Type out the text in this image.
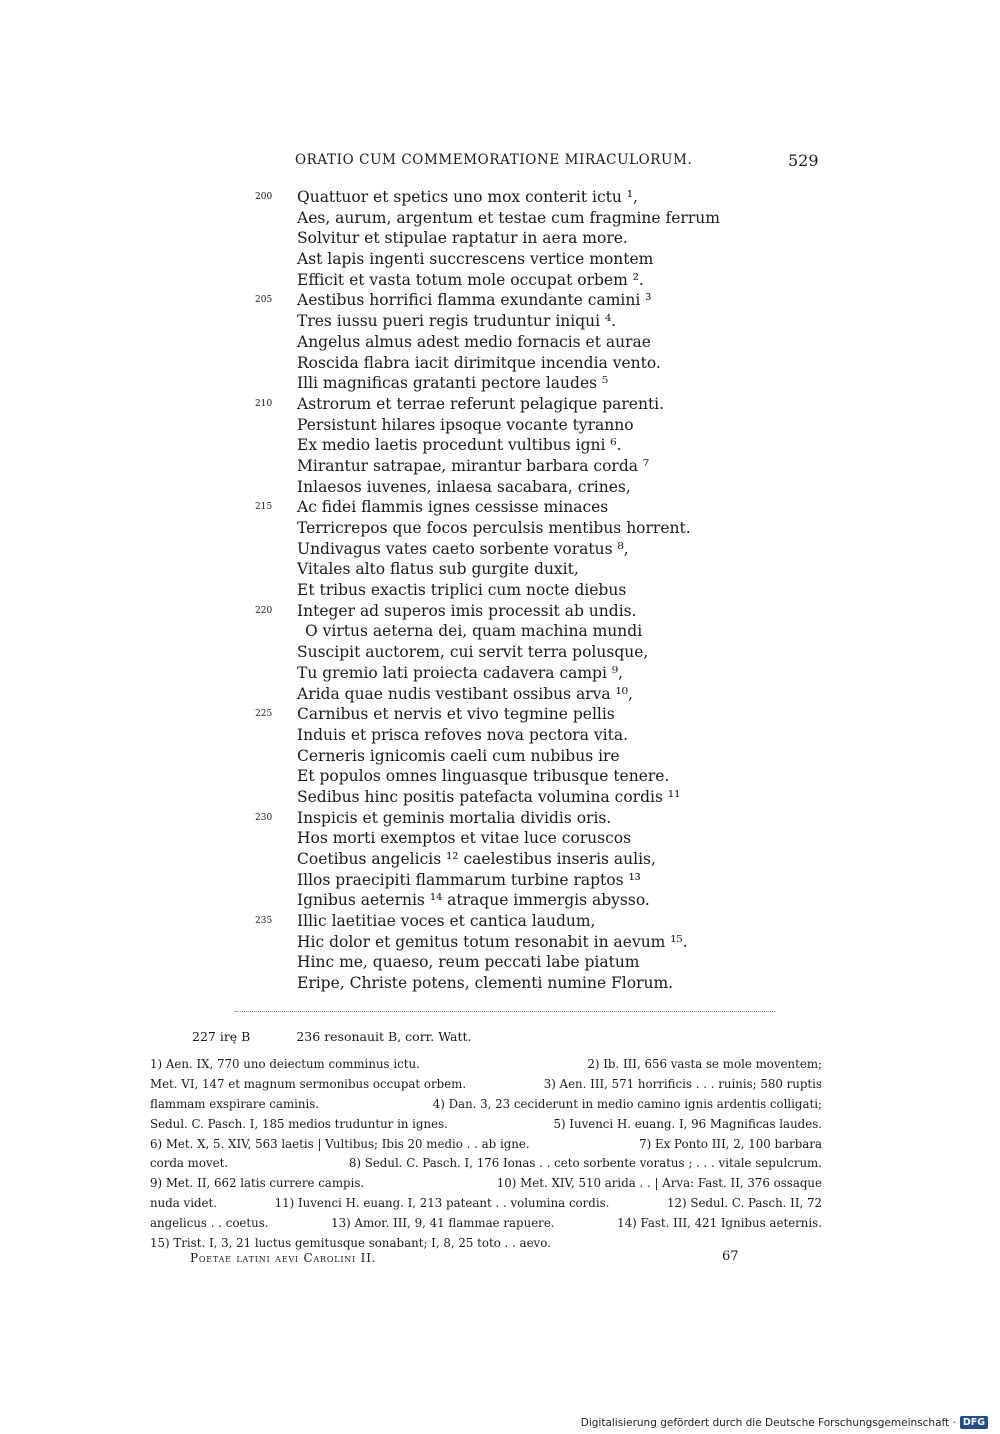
ORATIO CUM COMMEMORATIONE MIRACULORUM.	529
200	Quattuor et spetics uno mox conterit ictu ¹,
Aes, aurum, argentum et testae cum fragmine ferrum
Solvitur et stipulae raptatur in aera more.
Ast lapis ingenti succrescens vertice montem
Efficit et vasta totum mole occupat orbem ².
205	Aestibus horrifici flamma exundante camini ³
Tres iussu pueri regis truduntur iniqui ⁴.
Angelus almus adest medio fornacis et aurae
Roscida flabra iacit dirimitque incendia vento.
Illi magnificas gratanti pectore laudes ⁵
210	Astrorum et terrae referunt pelagique parenti.
Persistunt hilares ipsoque vocante tyranno
Ex medio laetis procedunt vultibus igni ⁶.
Mirantur satrapae, mirantur barbara corda ⁷
Inlaesos iuvenes, inlaesa sacabara, crines,
215	Ac fidei flammis ignes cessisse minaces
Terricrepos que focos perculsis mentibus horrent.
Undivagus vates caeto sorbente voratus ⁸,
Vitales alto flatus sub gurgite duxit,
Et tribus exactis triplici cum nocte diebus
220	Integer ad superos imis processit ab undis.
O virtus aeterna dei, quam machina mundi
Suscipit auctorem, cui servit terra polusque,
Tu gremio lati proiecta cadavera campi ⁹,
Arida quae nudis vestibant ossibus arva ¹⁰,
225	Carnibus et nervis et vivo tegmine pellis
Induis et prisca refoves nova pectora vita.
Cerneris ignicomis caeli cum nubibus ire
Et populos omnes linguasque tribusque tenere.
Sedibus hinc positis patefacta volumina cordis ¹¹
230	Inspicis et geminis mortalia dividis oris.
Hos morti exemptos et vitae luce coruscos
Coetibus angelicis ¹² caelestibus inseris aulis,
Illos praecipiti flammarum turbine raptos ¹³
Ignibus aeternis ¹⁴ atraque immergis abysso.
235	Illic laetitiae voces et cantica laudum,
Hic dolor et gemitus totum resonabit in aevum ¹⁵.
Hinc me, quaeso, reum peccati labe piatum
Eripe, Christe potens, clementi numine Florum.
227 irę B	236 resonauit B, corr. Watt.
1) Aen. IX, 770 uno deiectum comminus ictu.	2) Ib. III, 656 vasta se mole moventem;
Met. VI, 147 et magnum sermonibus occupat orbem.	3) Aen. III, 571 horrificis . . . ruinis; 580 ruptis
flammam exspirare caminis.	4) Dan. 3, 23 ceciderunt in medio camino ignis ardentis colligati;
Sedul. C. Pasch. I, 185 medios truduntur in ignes.	5) Iuvenci H. euang. I, 96 Magnificas laudes.
6) Met. X, 5. XIV, 563 laetis | Vultibus; Ibis 20 medio . . ab igne.	7) Ex Ponto III, 2, 100 barbara
corda movet.	8) Sedul. C. Pasch. I, 176 Ionas . . ceto sorbente voratus ; . . . vitale sepulcrum.
9) Met. II, 662 latis currere campis.	10) Met. XIV, 510 arida . . | Arva: Fast. II, 376 ossaque
nuda videt.	11) Iuvenci H. euang. I, 213 pateant . . volumina cordis.	12) Sedul. C. Pasch. II, 72
angelicus . . coetus.	13) Amor. III, 9, 41 flammae rapuere.	14) Fast. III, 421 Ignibus aeternis.
15) Trist. I, 3, 21 luctus gemitusque sonabant; I, 8, 25 toto . . aevo.
Poetae latini aevi Carolini II.	67
Digitalisierung gefördert durch die Deutsche Forschungsgemeinschaft · DFG
